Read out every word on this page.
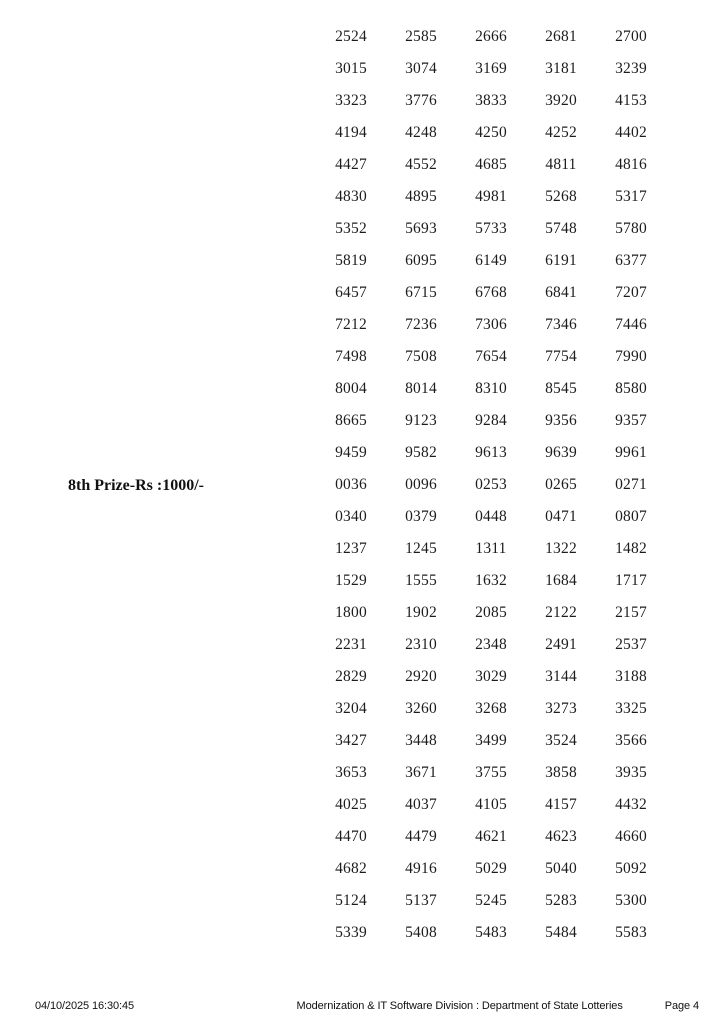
8th Prize-Rs :1000/-
2524	2585	2666	2681	2700
3015	3074	3169	3181	3239
3323	3776	3833	3920	4153
4194	4248	4250	4252	4402
4427	4552	4685	4811	4816
4830	4895	4981	5268	5317
5352	5693	5733	5748	5780
5819	6095	6149	6191	6377
6457	6715	6768	6841	7207
7212	7236	7306	7346	7446
7498	7508	7654	7754	7990
8004	8014	8310	8545	8580
8665	9123	9284	9356	9357
9459	9582	9613	9639	9961
0036	0096	0253	0265	0271
0340	0379	0448	0471	0807
1237	1245	1311	1322	1482
1529	1555	1632	1684	1717
1800	1902	2085	2122	2157
2231	2310	2348	2491	2537
2829	2920	3029	3144	3188
3204	3260	3268	3273	3325
3427	3448	3499	3524	3566
3653	3671	3755	3858	3935
4025	4037	4105	4157	4432
4470	4479	4621	4623	4660
4682	4916	5029	5040	5092
5124	5137	5245	5283	5300
5339	5408	5483	5484	5583
04/10/2025 16:30:45	Modernization & IT Software Division : Department of State Lotteries	Page 4
